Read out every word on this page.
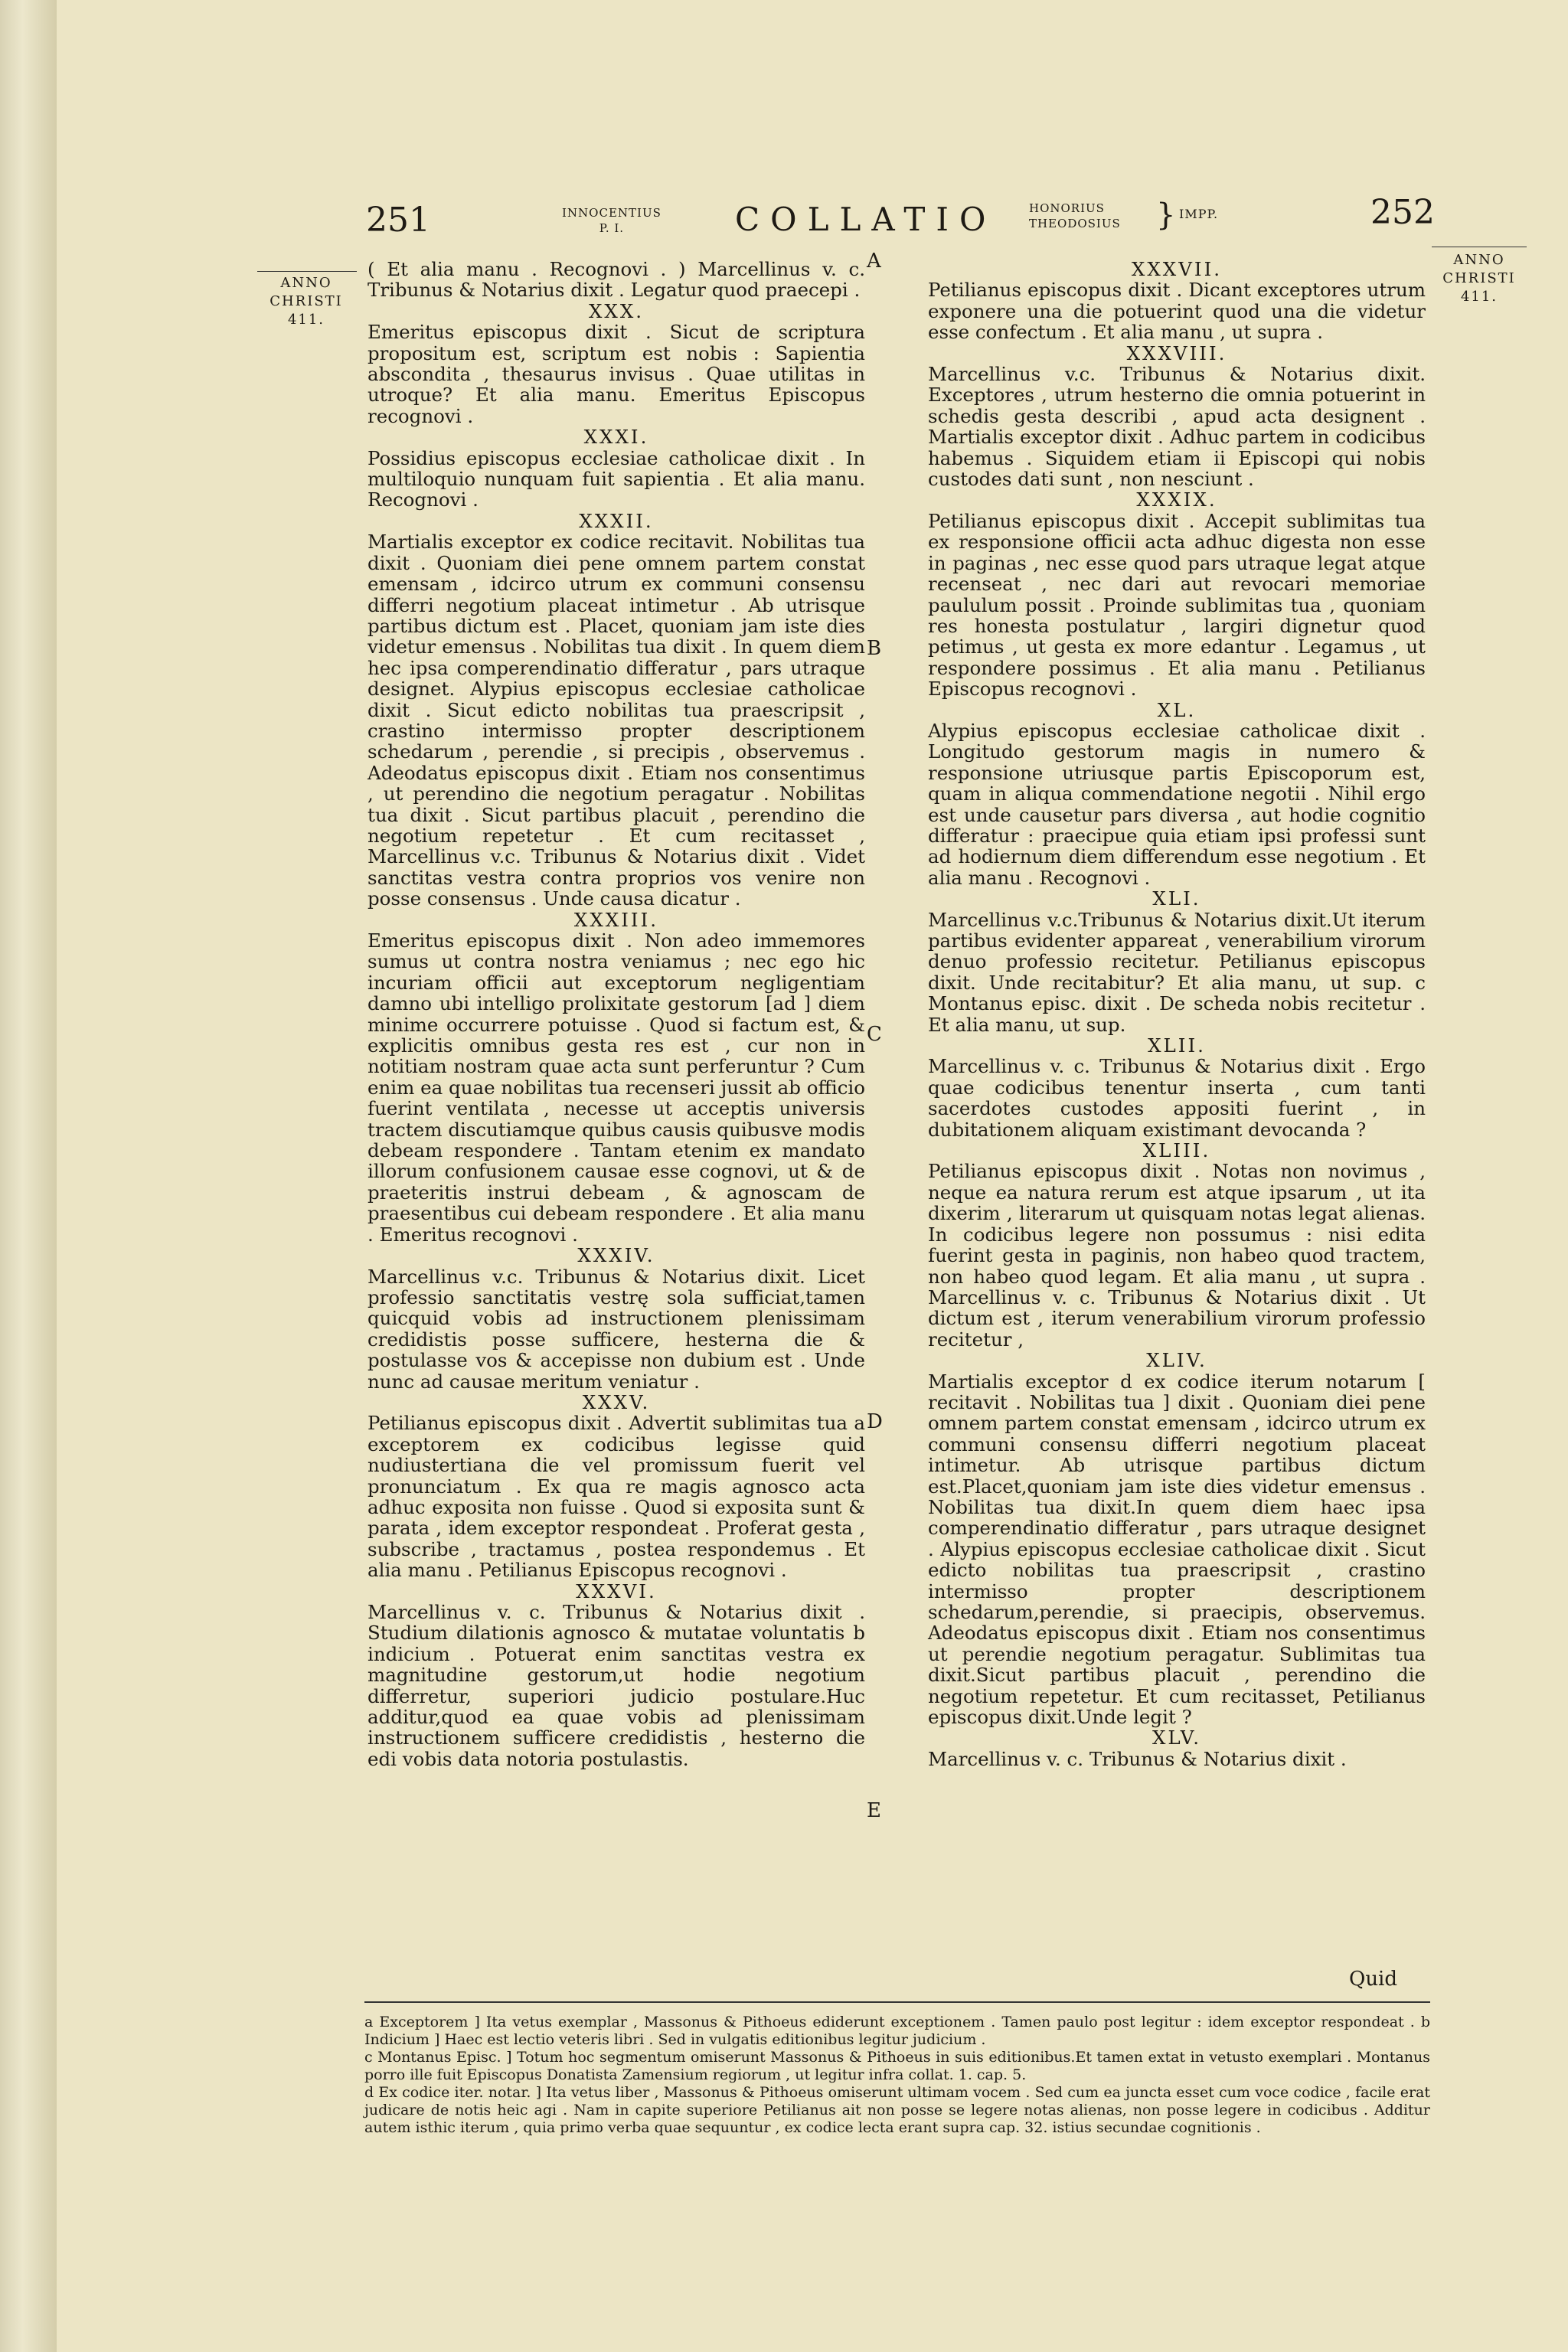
251	INNOCENTIUS
P. I.	COLLATIO	HONORIUS
THEODOSIUS } IMPP.	252
ANNO
CHRISTI
411.
ANNO
CHRISTI
411.
A
B
C
D
E

( Et alia manu . Recognovi . ) Marcellinus v. c. Tribunus & Notarius dixit . Legatur quod praecepi .

XXX.

Emeritus episcopus dixit . Sicut de scriptura propositum est, scriptum est nobis : Sapientia abscondita , thesaurus invisus . Quae utilitas in utroque? Et alia manu. Emeritus Episcopus recognovi .

XXXI.

Possidius episcopus ecclesiae catholicae dixit . In multiloquio nunquam fuit sapientia . Et alia manu. Recognovi .

XXXII.

Martialis exceptor ex codice recitavit. Nobilitas tua dixit . Quoniam diei pene omnem partem constat emensam , idcirco utrum ex communi consensu differri negotium placeat intimetur . Ab utrisque partibus dictum est . Placet, quoniam jam iste dies videtur emensus . Nobilitas tua dixit . In quem diem hec ipsa comperendinatio differatur , pars utraque designet. Alypius episcopus ecclesiae catholicae dixit . Sicut edicto nobilitas tua praescripsit , crastino intermisso propter descriptionem schedarum , perendie , si precipis , observemus . Adeodatus episcopus dixit . Etiam nos consentimus , ut perendino die negotium peragatur . Nobilitas tua dixit . Sicut partibus placuit , perendino die negotium repetetur . Et cum recitasset , Marcellinus v.c. Tribunus & Notarius dixit . Videt sanctitas vestra contra proprios vos venire non posse consensus . Unde causa dicatur .

XXXIII.

Emeritus episcopus dixit . Non adeo immemores sumus ut contra nostra veniamus ; nec ego hic incuriam officii aut exceptorum negligentiam damno ubi intelligo prolixitate gestorum [ad ] diem minime occurrere potuisse . Quod si factum est, & explicitis omnibus gesta res est , cur non in notitiam nostram quae acta sunt perferuntur ? Cum enim ea quae nobilitas tua recenseri jussit ab officio fuerint ventilata , necesse ut acceptis universis tractem discutiamque quibus causis quibusve modis debeam respondere . Tantam etenim ex mandato illorum confusionem causae esse cognovi, ut & de praeteritis instrui debeam , & agnoscam de praesentibus cui debeam respondere . Et alia manu . Emeritus recognovi .

XXXIV.

Marcellinus v.c. Tribunus & Notarius dixit. Licet professio sanctitatis vestrę sola sufficiat,tamen quicquid vobis ad instructionem plenissimam credidistis posse sufficere, hesterna die & postulasse vos & accepisse non dubium est . Unde nunc ad causae meritum veniatur .

XXXV.

Petilianus episcopus dixit . Advertit sublimitas tua a exceptorem ex codicibus legisse quid nudiustertiana die vel promissum fuerit vel pronunciatum . Ex qua re magis agnosco acta adhuc exposita non fuisse . Quod si exposita sunt & parata , idem exceptor respondeat . Proferat gesta , subscribe , tractamus , postea respondemus . Et alia manu . Petilianus Episcopus recognovi .

XXXVI.

Marcellinus v. c. Tribunus & Notarius dixit . Studium dilationis agnosco & mutatae voluntatis b indicium . Potuerat enim sanctitas vestra ex magnitudine gestorum,ut hodie negotium differretur, superiori judicio postulare.Huc additur,quod ea quae vobis ad plenissimam instructionem sufficere credidistis , hesterno die edi vobis data notoria postulastis.

XXXVII.

Petilianus episcopus dixit . Dicant exceptores utrum exponere una die potuerint quod una die videtur esse confectum . Et alia manu , ut supra .

XXXVIII.

Marcellinus v.c. Tribunus & Notarius dixit. Exceptores , utrum hesterno die omnia potuerint in schedis gesta describi , apud acta designent . Martialis exceptor dixit . Adhuc partem in codicibus habemus . Siquidem etiam ii Episcopi qui nobis custodes dati sunt , non nesciunt .

XXXIX.

Petilianus episcopus dixit . Accepit sublimitas tua ex responsione officii acta adhuc digesta non esse in paginas , nec esse quod pars utraque legat atque recenseat , nec dari aut revocari memoriae paululum possit . Proinde sublimitas tua , quoniam res honesta postulatur , largiri dignetur quod petimus , ut gesta ex more edantur . Legamus , ut respondere possimus . Et alia manu . Petilianus Episcopus recognovi .

XL.

Alypius episcopus ecclesiae catholicae dixit . Longitudo gestorum magis in numero & responsione utriusque partis Episcoporum est, quam in aliqua commendatione negotii . Nihil ergo est unde causetur pars diversa , aut hodie cognitio differatur : praecipue quia etiam ipsi professi sunt ad hodiernum diem differendum esse negotium . Et alia manu . Recognovi .

XLI.

Marcellinus v.c.Tribunus & Notarius dixit.Ut iterum partibus evidenter appareat , venerabilium virorum denuo professio recitetur. Petilianus episcopus dixit. Unde recitabitur? Et alia manu, ut sup. c Montanus episc. dixit . De scheda nobis recitetur . Et alia manu, ut sup.

XLII.

Marcellinus v. c. Tribunus & Notarius dixit . Ergo quae codicibus tenentur inserta , cum tanti sacerdotes custodes appositi fuerint , in dubitationem aliquam existimant devocanda ?

XLIII.

Petilianus episcopus dixit . Notas non novimus , neque ea natura rerum est atque ipsarum , ut ita dixerim , literarum ut quisquam notas legat alienas. In codicibus legere non possumus : nisi edita fuerint gesta in paginis, non habeo quod tractem, non habeo quod legam. Et alia manu , ut supra . Marcellinus v. c. Tribunus & Notarius dixit . Ut dictum est , iterum venerabilium virorum professio recitetur ,

XLIV.

Martialis exceptor d ex codice iterum notarum [ recitavit . Nobilitas tua ] dixit . Quoniam diei pene omnem partem constat emensam , idcirco utrum ex communi consensu differri negotium placeat intimetur. Ab utrisque partibus dictum est.Placet,quoniam jam iste dies videtur emensus . Nobilitas tua dixit.In quem diem haec ipsa comperendinatio differatur , pars utraque designet . Alypius episcopus ecclesiae catholicae dixit . Sicut edicto nobilitas tua praescripsit , crastino intermisso propter descriptionem schedarum,perendie, si praecipis, observemus. Adeodatus episcopus dixit . Etiam nos consentimus ut perendie negotium peragatur. Sublimitas tua dixit.Sicut partibus placuit , perendino die negotium repetetur. Et cum recitasset, Petilianus episcopus dixit.Unde legit ?

XLV.

Marcellinus v. c. Tribunus & Notarius dixit .

Quid

a Exceptorem ] Ita vetus exemplar , Massonus & Pithoeus ediderunt exceptionem . Tamen paulo post legitur : idem exceptor respondeat . b Indicium ] Haec est lectio veteris libri . Sed in vulgatis editionibus legitur judicium .

c Montanus Episc. ] Totum hoc segmentum omiserunt Massonus & Pithoeus in suis editionibus.Et tamen extat in vetusto exemplari . Montanus porro ille fuit Episcopus Donatista Zamensium regiorum , ut legitur infra collat. 1. cap. 5.

d Ex codice iter. notar. ] Ita vetus liber , Massonus & Pithoeus omiserunt ultimam vocem . Sed cum ea juncta esset cum voce codice , facile erat judicare de notis heic agi . Nam in capite superiore Petilianus ait non posse se legere notas alienas, non posse legere in codicibus . Additur autem isthic iterum , quia primo verba quae sequuntur , ex codice lecta erant supra cap. 32. istius secundae cognitionis .
